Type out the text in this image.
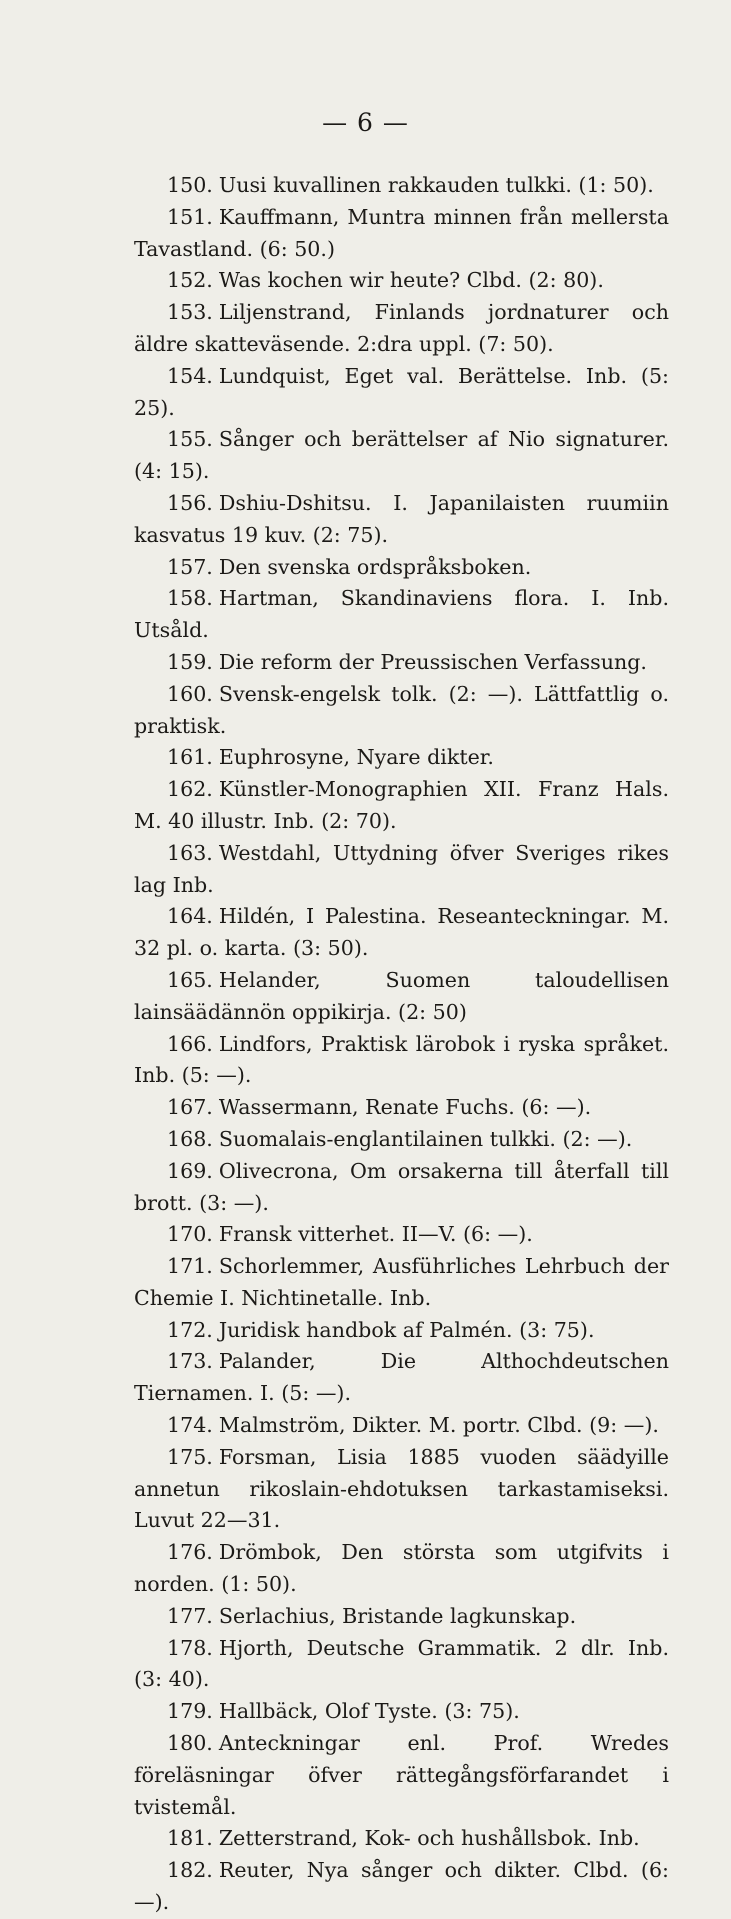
— 6 —

150. Uusi kuvallinen rakkauden tulkki. (1: 50).

151. Kauffmann, Muntra minnen från mellersta Tavastland. (6: 50.)

152. Was kochen wir heute? Clbd. (2: 80).

153. Liljenstrand, Finlands jordnaturer och äldre skatteväsende. 2:dra uppl. (7: 50).

154. Lundquist, Eget val. Berättelse. Inb. (5: 25).

155. Sånger och berättelser af Nio signaturer. (4: 15).

156. Dshiu-Dshitsu. I. Japanilaisten ruumiin kasvatus 19 kuv. (2: 75).

157. Den svenska ordspråksboken.

158. Hartman, Skandinaviens flora. I. Inb. Utsåld.

159. Die reform der Preussischen Verfassung.

160. Svensk-engelsk tolk. (2: —). Lättfattlig o. praktisk.

161. Euphrosyne, Nyare dikter.

162. Künstler-Monographien XII. Franz Hals. M. 40 illustr. Inb. (2: 70).

163. Westdahl, Uttydning öfver Sveriges rikes lag Inb.

164. Hildén, I Palestina. Reseanteckningar. M. 32 pl. o. karta. (3: 50).

165. Helander, Suomen taloudellisen lainsäädännön oppikirja. (2: 50)

166. Lindfors, Praktisk lärobok i ryska språket. Inb. (5: —).

167. Wassermann, Renate Fuchs. (6: —).

168. Suomalais-englantilainen tulkki. (2: —).

169. Olivecrona, Om orsakerna till återfall till brott. (3: —).

170. Fransk vitterhet. II—V. (6: —).

171. Schorlemmer, Ausführliches Lehrbuch der Chemie I. Nichtinetalle. Inb.

172. Juridisk handbok af Palmén. (3: 75).

173. Palander, Die Althochdeutschen Tiernamen. I. (5: —).

174. Malmström, Dikter. M. portr. Clbd. (9: —).

175. Forsman, Lisia 1885 vuoden säädyille annetun rikoslain-ehdotuksen tarkastamiseksi. Luvut 22—31.

176. Drömbok, Den största som utgifvits i norden. (1: 50).

177. Serlachius, Bristande lagkunskap.

178. Hjorth, Deutsche Grammatik. 2 dlr. Inb. (3: 40).

179. Hallbäck, Olof Tyste. (3: 75).

180. Anteckningar enl. Prof. Wredes föreläsningar öfver rättegångsförfarandet i tvistemål.

181. Zetterstrand, Kok- och hushållsbok. Inb.

182. Reuter, Nya sånger och dikter. Clbd. (6: —).
